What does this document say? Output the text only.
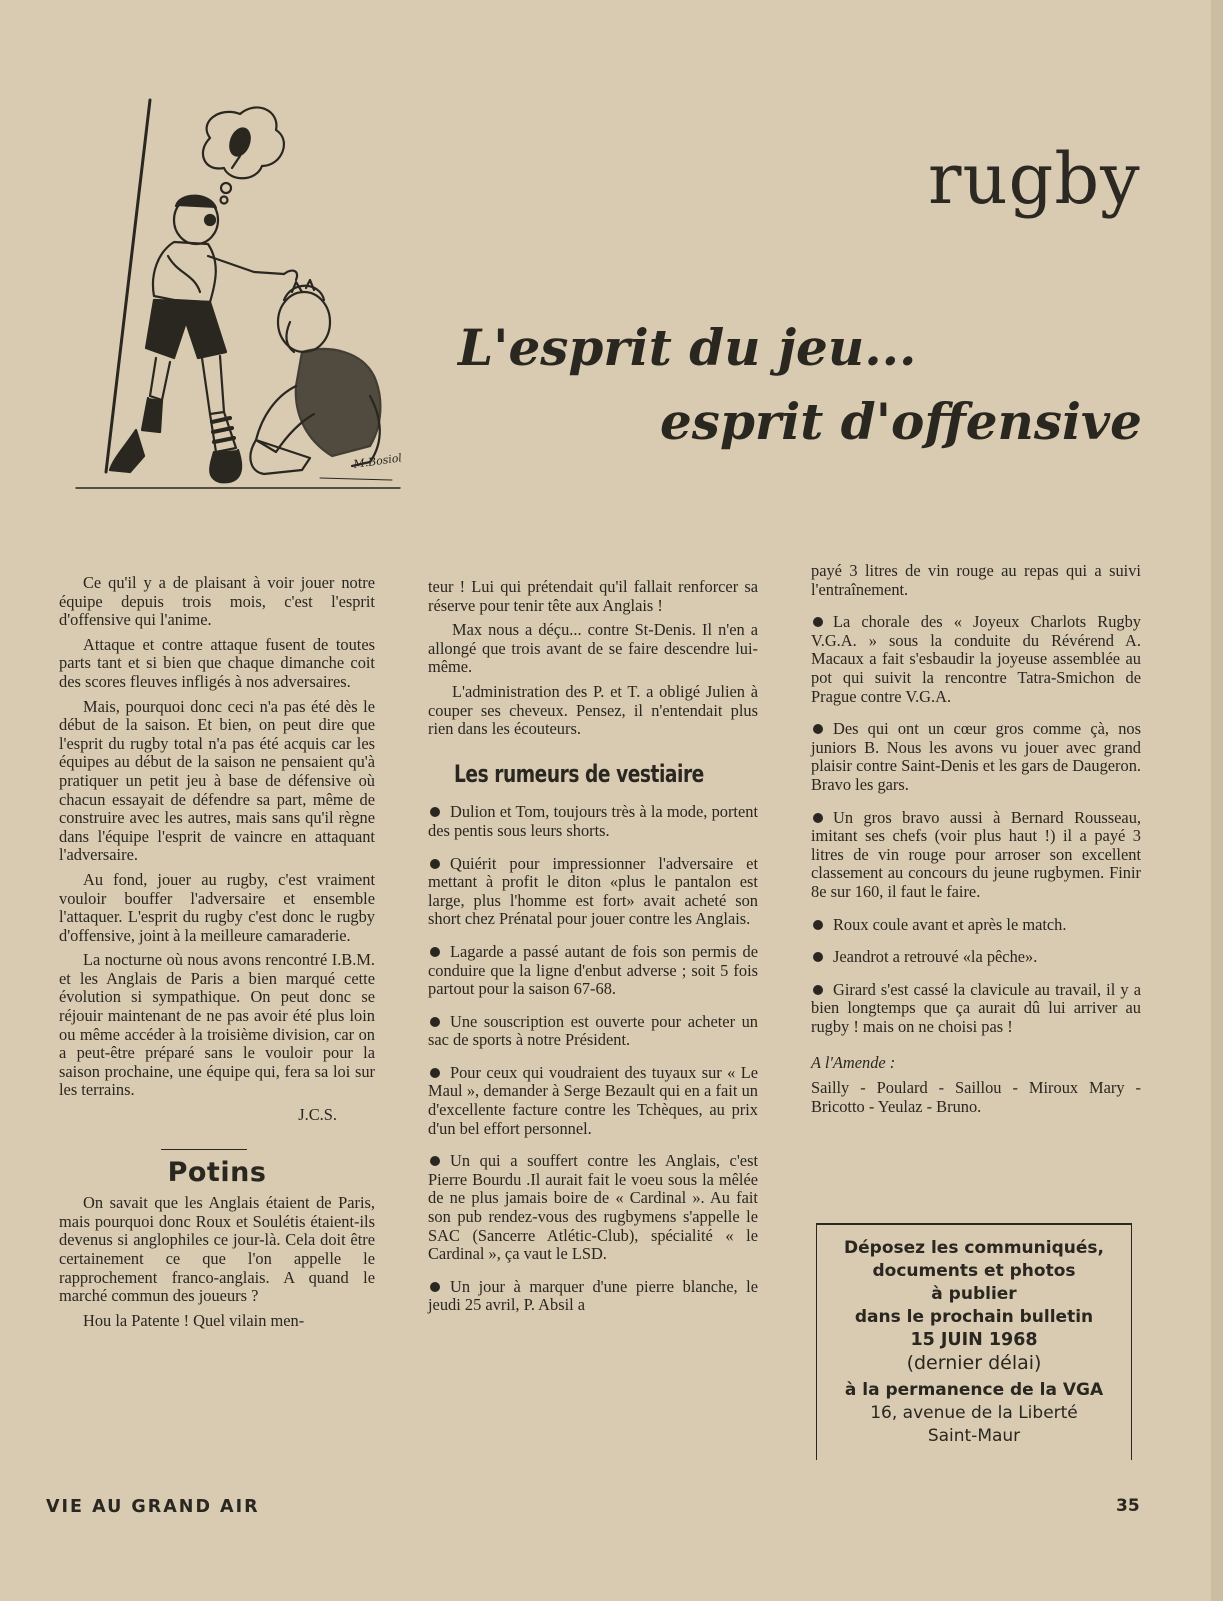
M.Bosiol
rugby
L'esprit du jeu...
esprit d'offensive

Ce qu'il y a de plaisant à voir jouer notre équipe depuis trois mois, c'est l'esprit d'offensive qui l'anime.

Attaque et contre attaque fusent de toutes parts tant et si bien que chaque dimanche coit des scores fleuves infligés à nos adversaires.

Mais, pourquoi donc ceci n'a pas été dès le début de la saison. Et bien, on peut dire que l'esprit du rugby total n'a pas été acquis car les équipes au début de la saison ne pensaient qu'à pratiquer un petit jeu à base de défensive où chacun essayait de défendre sa part, même de construire avec les autres, mais sans qu'il règne dans l'équipe l'esprit de vaincre en attaquant l'adversaire.

Au fond, jouer au rugby, c'est vraiment vouloir bouffer l'adversaire et ensemble l'attaquer. L'esprit du rugby c'est donc le rugby d'offensive, joint à la meilleure camaraderie.

La nocturne où nous avons rencontré I.B.M. et les Anglais de Paris a bien marqué cette évolution si sympathique. On peut donc se réjouir maintenant de ne pas avoir été plus loin ou même accéder à la troisième division, car on a peut-être préparé sans le vouloir pour la saison prochaine, une équipe qui, fera sa loi sur les terrains.

J.C.S.

Potins

On savait que les Anglais étaient de Paris, mais pourquoi donc Roux et Soulétis étaient-ils devenus si anglophiles ce jour-là. Cela doit être certainement ce que l'on appelle le rapprochement franco-anglais. A quand le marché commun des joueurs ?

Hou la Patente ! Quel vilain men-

teur ! Lui qui prétendait qu'il fallait renforcer sa réserve pour tenir tête aux Anglais !

Max nous a déçu... contre St-Denis. Il n'en a allongé que trois avant de se faire descendre lui-même.

L'administration des P. et T. a obligé Julien à couper ses cheveux. Pensez, il n'entendait plus rien dans les écouteurs.

Les rumeurs de vestiaire

Dulion et Tom, toujours très à la mode, portent des pentis sous leurs shorts.

Quiérit pour impressionner l'adversaire et mettant à profit le diton «plus le pantalon est large, plus l'homme est fort» avait acheté son short chez Prénatal pour jouer contre les Anglais.

Lagarde a passé autant de fois son permis de conduire que la ligne d'enbut adverse ; soit 5 fois partout pour la saison 67-68.

Une souscription est ouverte pour acheter un sac de sports à notre Président.

Pour ceux qui voudraient des tuyaux sur « Le Maul », demander à Serge Bezault qui en a fait un d'excellente facture contre les Tchèques, au prix d'un bel effort personnel.

Un qui a souffert contre les Anglais, c'est Pierre Bourdu .Il aurait fait le voeu sous la mêlée de ne plus jamais boire de « Cardinal ». Au fait son pub rendez-vous des rugbymens s'appelle le SAC (Sancerre Atlétic-Club), spécialité « le Cardinal », ça vaut le LSD.

Un jour à marquer d'une pierre blanche, le jeudi 25 avril, P. Absil a

payé 3 litres de vin rouge au repas qui a suivi l'entraînement.

La chorale des « Joyeux Charlots Rugby V.G.A. » sous la conduite du Révérend A. Macaux a fait s'esbaudir la joyeuse assemblée au pot qui suivit la rencontre Tatra-Smichon de Prague contre V.G.A.

Des qui ont un cœur gros comme çà, nos juniors B. Nous les avons vu jouer avec grand plaisir contre Saint-Denis et les gars de Daugeron. Bravo les gars.

Un gros bravo aussi à Bernard Rousseau, imitant ses chefs (voir plus haut !) il a payé 3 litres de vin rouge pour arroser son excellent classement au concours du jeune rugbymen. Finir 8e sur 160, il faut le faire.

Roux coule avant et après le match.

Jeandrot a retrouvé «la pêche».

Girard s'est cassé la clavicule au travail, il y a bien longtemps que ça aurait dû lui arriver au rugby ! mais on ne choisi pas !

A l'Amende :

Sailly - Poulard - Saillou - Miroux Mary - Bricotto - Yeulaz - Bruno.

Déposez les communiqués,
documents et photos
à publier
dans le prochain bulletin
15 JUIN 1968
(dernier délai)
à la permanence de la VGA
16, avenue de la Liberté
Saint-Maur

VIE AU GRAND AIR	35
